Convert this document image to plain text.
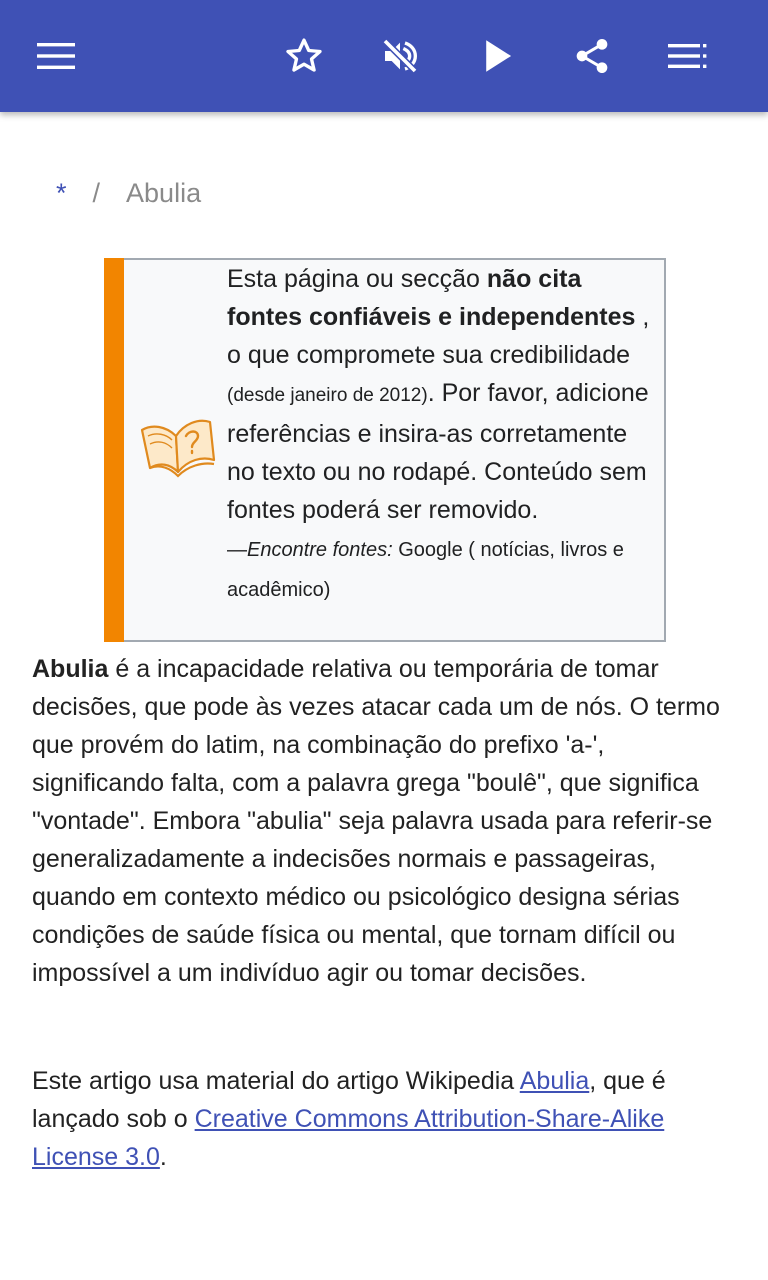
* / Abulia
Esta página ou secção não cita fontes confiáveis e independentes , o que compromete sua credibilidade (desde janeiro de 2012). Por favor, adicione referências e insira-as corretamente no texto ou no rodapé. Conteúdo sem fontes poderá ser removido.
—Encontre fontes: Google ( notícias, livros e acadêmico)

Abulia é a incapacidade relativa ou temporária de tomar decisões, que pode às vezes atacar cada um de nós. O termo que provém do latim, na combinação do prefixo 'a-', significando falta, com a palavra grega "boulê", que significa "vontade". Embora "abulia" seja palavra usada para referir-se generalizadamente a indecisões normais e passageiras, quando em contexto médico ou psicológico designa sérias condições de saúde física ou mental, que tornam difícil ou impossível a um indivíduo agir ou tomar decisões.

Este artigo usa material do artigo Wikipedia Abulia, que é lançado sob o Creative Commons Attribution-Share-Alike License 3.0.
